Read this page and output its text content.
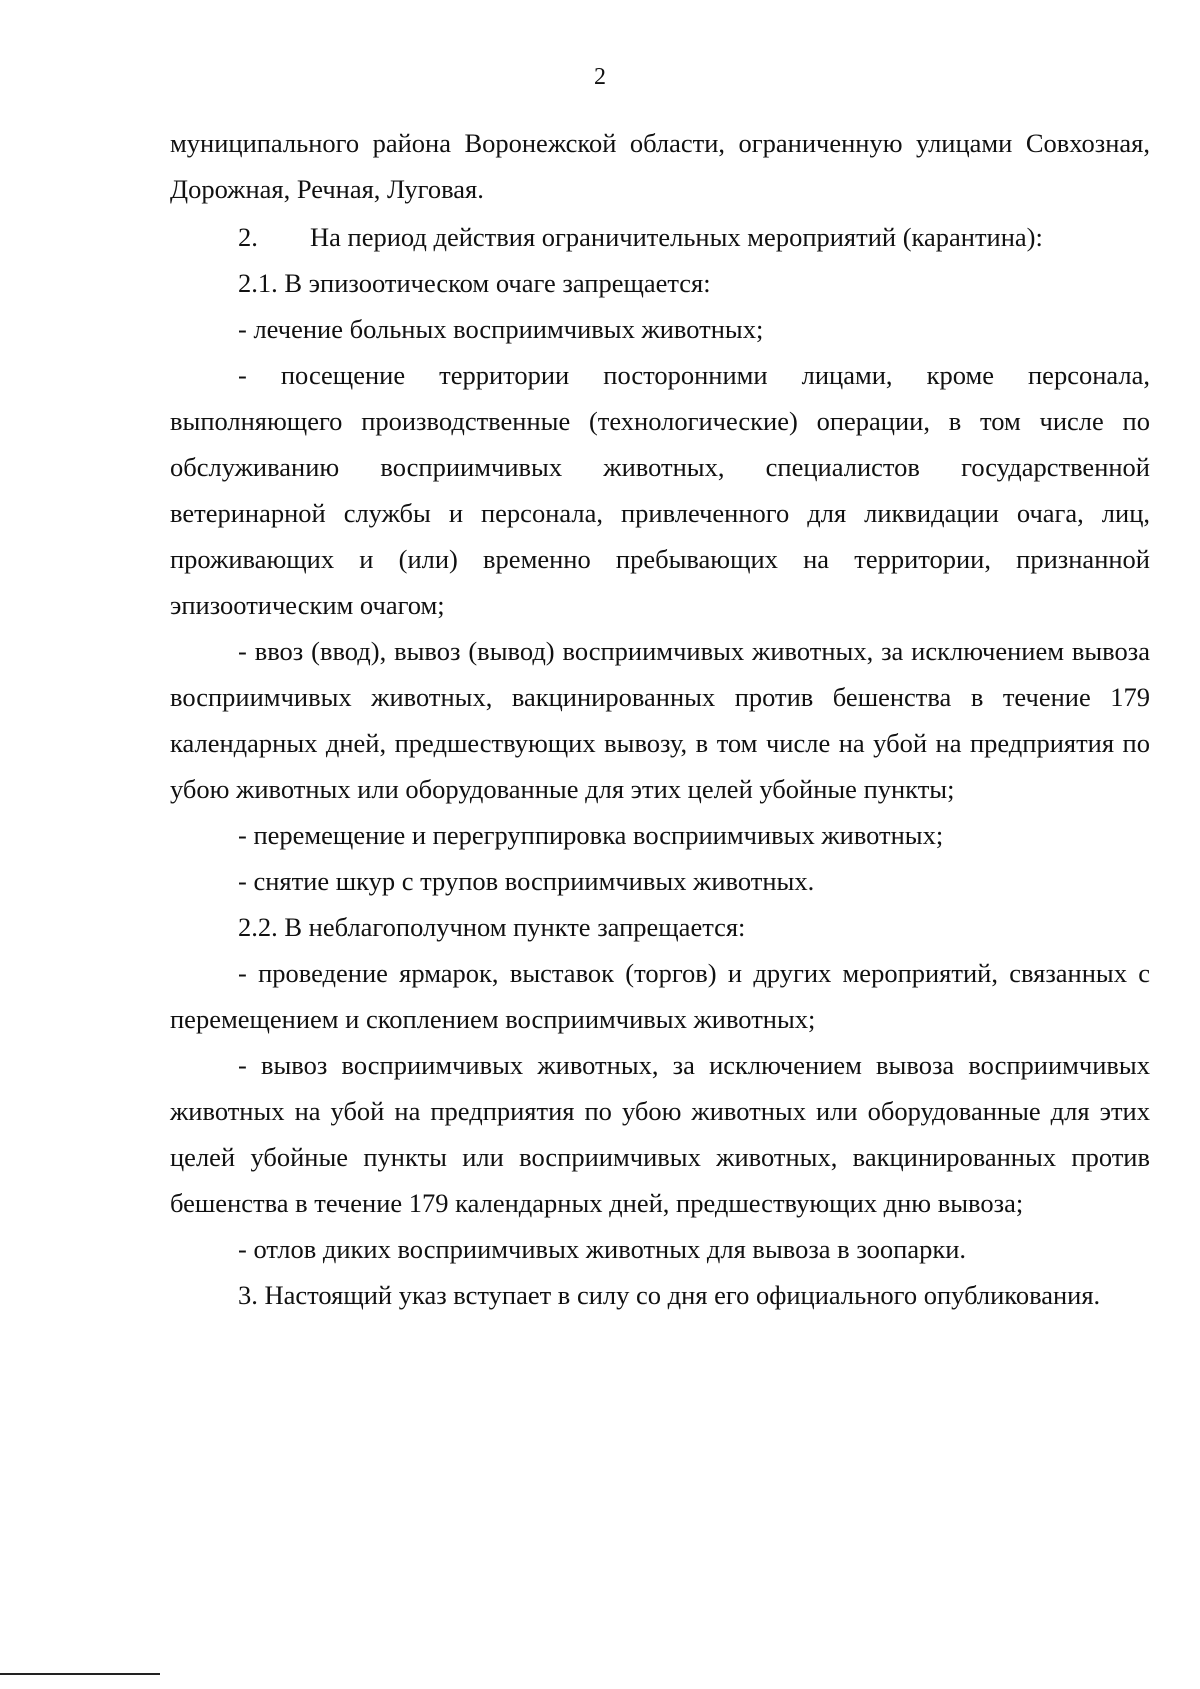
2

муниципального района Воронежской области, ограниченную улицами Совхозная, Дорожная, Речная, Луговая.

2. На период действия ограничительных мероприятий (карантина):

2.1. В эпизоотическом очаге запрещается:

- лечение больных восприимчивых животных;

- посещение территории посторонними лицами, кроме персонала, выполняющего производственные (технологические) операции, в том числе по обслуживанию восприимчивых животных, специалистов государственной ветеринарной службы и персонала, привлеченного для ликвидации очага, лиц, проживающих и (или) временно пребывающих на территории, признанной эпизоотическим очагом;

- ввоз (ввод), вывоз (вывод) восприимчивых животных, за исключением вывоза восприимчивых животных, вакцинированных против бешенства в течение 179 календарных дней, предшествующих вывозу, в том числе на убой на предприятия по убою животных или оборудованные для этих целей убойные пункты;

- перемещение и перегруппировка восприимчивых животных;

- снятие шкур с трупов восприимчивых животных.

2.2. В неблагополучном пункте запрещается:

- проведение ярмарок, выставок (торгов) и других мероприятий, связанных с перемещением и скоплением восприимчивых животных;

- вывоз восприимчивых животных, за исключением вывоза восприимчивых животных на убой на предприятия по убою животных или оборудованные для этих целей убойные пункты или восприимчивых животных, вакцинированных против бешенства в течение 179 календарных дней, предшествующих дню вывоза;

- отлов диких восприимчивых животных для вывоза в зоопарки.

3. Настоящий указ вступает в силу со дня его официального опубликования.
